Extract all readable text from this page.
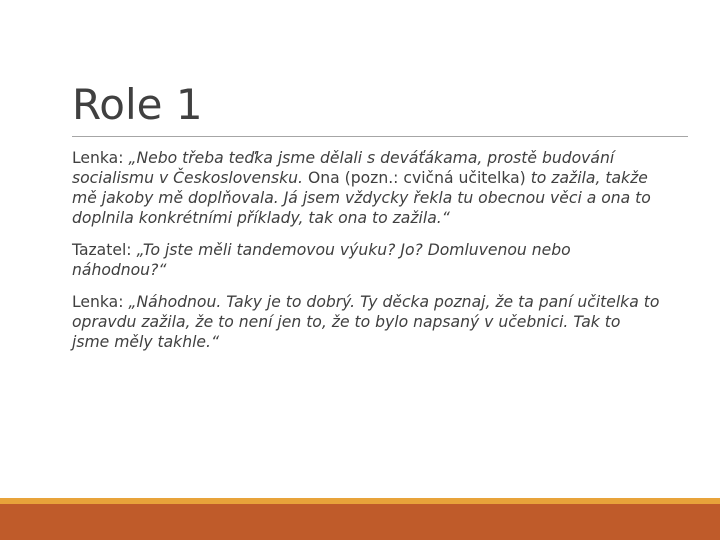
Role 1

Lenka: „Nebo třeba teďka jsme dělali s deváťákama, prostě budování socialismu v Československu. Ona (pozn.: cvičná učitelka) to zažila, takže mě jakoby mě doplňovala. Já jsem vždycky řekla tu obecnou věci a ona to doplnila konkrétními příklady, tak ona to zažila.“

Tazatel: „To jste měli tandemovou výuku? Jo? Domluvenou nebo náhodnou?“

Lenka: „Náhodnou. Taky je to dobrý. Ty děcka poznaj, že ta paní učitelka to opravdu zažila, že to není jen to, že to bylo napsaný v učebnici. Tak to jsme měly takhle.“
